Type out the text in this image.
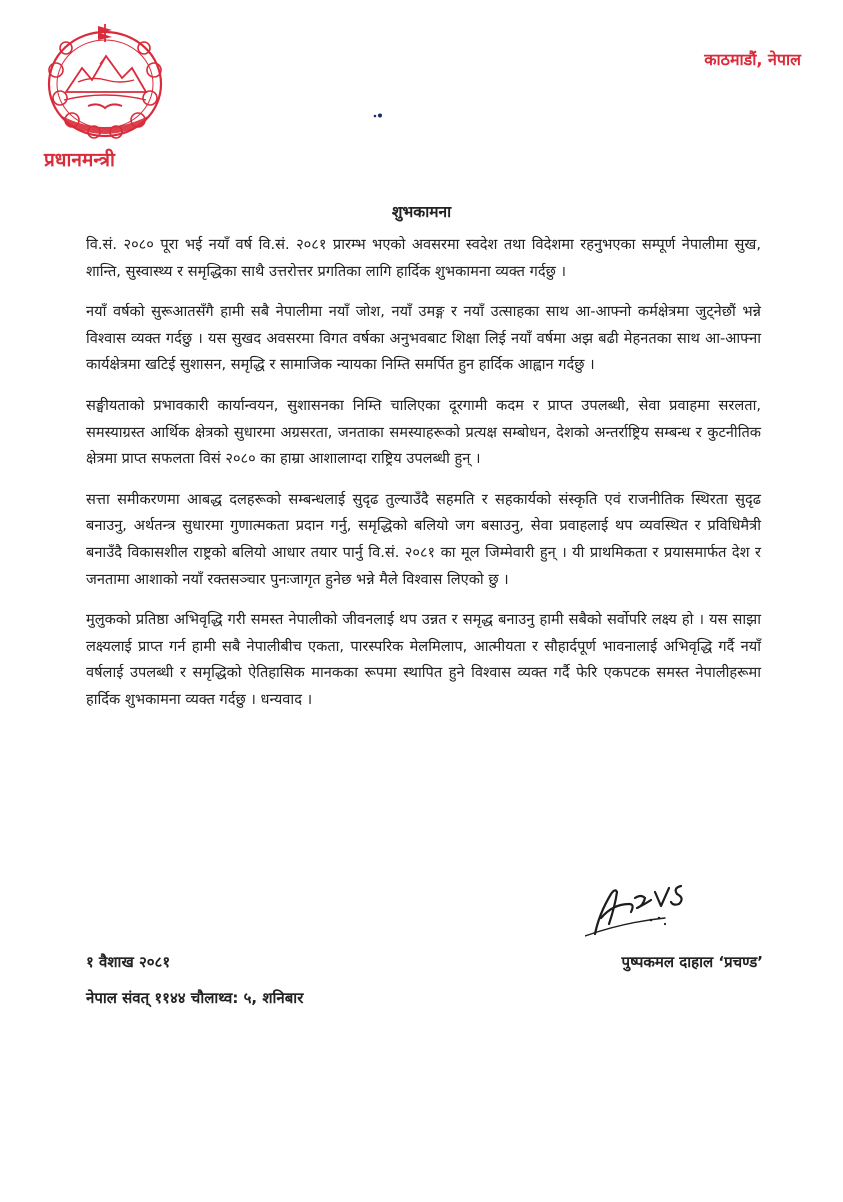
प्रधानमन्त्री
काठमाडौं, नेपाल
शुभकामना

वि.सं. २०८० पूरा भई नयाँ वर्ष वि.सं. २०८१ प्रारम्भ भएको अवसरमा स्वदेश तथा विदेशमा रहनुभएका सम्पूर्ण नेपालीमा सुख, शान्ति, सुस्वास्थ्य र समृद्धिका साथै उत्तरोत्तर प्रगतिका लागि हार्दिक शुभकामना व्यक्त गर्दछु ।

नयाँ वर्षको सुरूआतसँगै हामी सबै नेपालीमा नयाँ जोश, नयाँ उमङ्ग र नयाँ उत्साहका साथ आ-आफ्नो कर्मक्षेत्रमा जुट्नेछौं भन्ने विश्वास व्यक्त गर्दछु । यस सुखद अवसरमा विगत वर्षका अनुभवबाट शिक्षा लिई नयाँ वर्षमा अझ बढी मेहनतका साथ आ-आफ्ना कार्यक्षेत्रमा खटिई सुशासन, समृद्धि र सामाजिक न्यायका निम्ति समर्पित हुन हार्दिक आह्वान गर्दछु ।

सङ्घीयताको प्रभावकारी कार्यान्वयन, सुशासनका निम्ति चालिएका दूरगामी कदम र प्राप्त उपलब्धी, सेवा प्रवाहमा सरलता, समस्याग्रस्त आर्थिक क्षेत्रको सुधारमा अग्रसरता, जनताका समस्याहरूको प्रत्यक्ष सम्बोधन, देशको अन्तर्राष्ट्रिय सम्बन्ध र कुटनीतिक क्षेत्रमा प्राप्त सफलता विसं २०८० का हाम्रा आशालाग्दा राष्ट्रिय उपलब्धी हुन् ।

सत्ता समीकरणमा आबद्ध दलहरूको सम्बन्धलाई सुदृढ तुल्याउँदै सहमति र सहकार्यको संस्कृति एवं राजनीतिक स्थिरता सुदृढ बनाउनु, अर्थतन्त्र सुधारमा गुणात्मकता प्रदान गर्नु, समृद्धिको बलियो जग बसाउनु, सेवा प्रवाहलाई थप व्यवस्थित र प्रविधिमैत्री बनाउँदै विकासशील राष्ट्रको बलियो आधार तयार पार्नु वि.सं. २०८१ का मूल जिम्मेवारी हुन् । यी प्राथमिकता र प्रयासमार्फत देश र जनतामा आशाको नयाँ रक्तसञ्चार पुनःजागृत हुनेछ भन्ने मैले विश्वास लिएको छु ।

मुलुकको प्रतिष्ठा अभिवृद्धि गरी समस्त नेपालीको जीवनलाई थप उन्नत र समृद्ध बनाउनु हामी सबैको सर्वोपरि लक्ष्य हो । यस साझा लक्ष्यलाई प्राप्त गर्न हामी सबै नेपालीबीच एकता, पारस्परिक मेलमिलाप, आत्मीयता र सौहार्दपूर्ण भावनालाई अभिवृद्धि गर्दै नयाँ वर्षलाई उपलब्धी र समृद्धिको ऐतिहासिक मानकका रूपमा स्थापित हुने विश्वास व्यक्त गर्दै फेरि एकपटक समस्त नेपालीहरूमा हार्दिक शुभकामना व्यक्त गर्दछु । धन्यवाद ।

१ वैशाख २०८१
नेपाल संवत् ११४४ चौलाथ्व: ५, शनिबार
पुष्पकमल दाहाल ‘प्रचण्ड’
